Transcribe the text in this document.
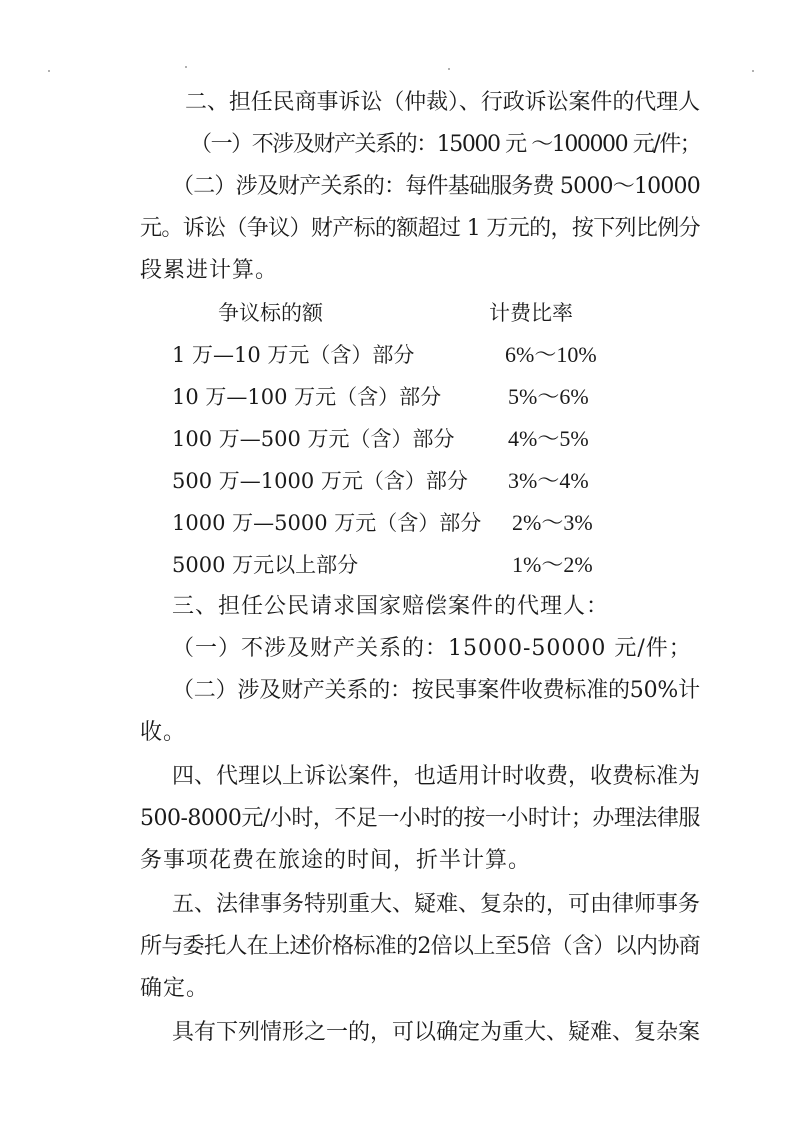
二、担任民商事诉讼（仲裁）、行政诉讼案件的代理人
（一）不涉及财产关系的：15000 元 ～100000 元/件；
（二）涉及财产关系的：每件基础服务费 5000～10000
元。诉讼（争议）财产标的额超过 1 万元的，按下列比例分
段累进计算。
争议标的额	计费比率
1 万—10 万元（含）部分	6%～10%
10 万—100 万元（含）部分	5%～6%
100 万—500 万元（含）部分 4%～5%
500 万—1000 万元（含）部分 3%～4%
1000 万—5000 万元（含）部分 2%～3%
5000 万元以上部分	1%～2%
三、担任公民请求国家赔偿案件的代理人：
（一）不涉及财产关系的：15000-50000 元/件；
（二）涉及财产关系的：按民事案件收费标准的50%计
收。
四、代理以上诉讼案件，也适用计时收费，收费标准为
500-8000元/小时，不足一小时的按一小时计；办理法律服
务事项花费在旅途的时间，折半计算。
五、法律事务特别重大、疑难、复杂的，可由律师事务
所与委托人在上述价格标准的2倍以上至5倍（含）以内协商
确定。
具有下列情形之一的，可以确定为重大、疑难、复杂案
